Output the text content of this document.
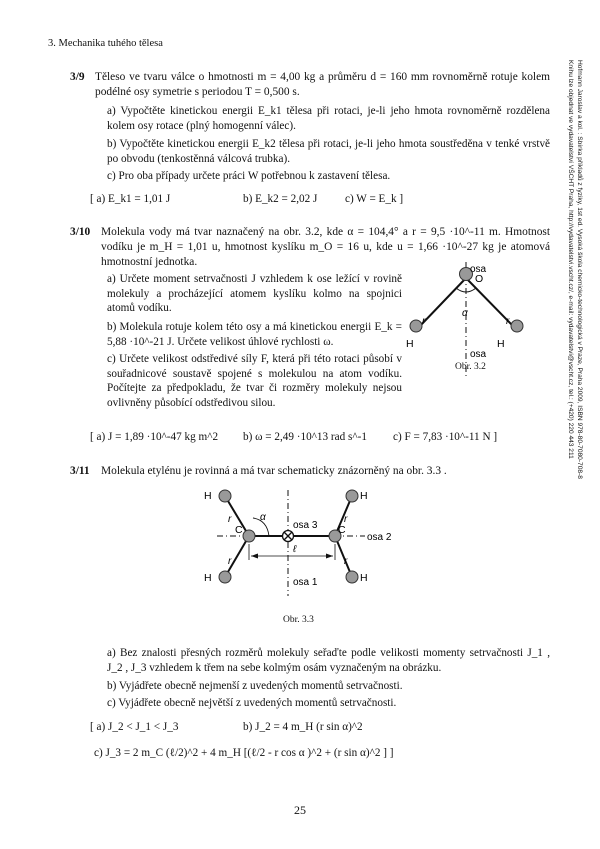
3. Mechanika tuhého tělesa
Hofmann Jaroslav a kol. : Sbírka příkladů z fyziky, 1st ed. Vysoká škola chemicko-technologická v Praze, Praha 2009, ISBN 978-80-7080-708-8
Knihu lze objednat ve vydavatelství VŠCHT Praha, http://vydavatelstvi.vscht.cz/, e-mail: vydavatelstvi@vscht.cz, tel.: (+420) 220 443 211
3/9 Těleso ve tvaru válce o hmotnosti m = 4,00 kg a průměru d = 160 mm rovnoměrně rotuje kolem podélné osy symetrie s periodou T = 0,500 s.
a) Vypočtěte kinetickou energii E_k1 tělesa při rotaci, je-li jeho hmota rovnoměrně rozdělena kolem osy rotace (plný homogenní válec).
b) Vypočtěte kinetickou energii E_k2 tělesa při rotaci, je-li jeho hmota soustředěna v tenké vrstvě po obvodu (tenkostěnná válcová trubka).
c) Pro oba případy určete práci W potřebnou k zastavení tělesa.
[ a) E_k1 = 1,01 J	b) E_k2 = 2,02 J c) W = E_k ]
3/10 Molekula vody má tvar naznačený na obr. 3.2, kde α = 104,4° a r = 9,5 ·10^-11 m. Hmotnost vodíku je m_H = 1,01 u, hmotnost kyslíku m_O = 16 u, kde u = 1,66 ·10^-27 kg je atomová hmotnostní jednotka.
a) Určete moment setrvačnosti J vzhledem k ose ležící v rovině molekuly a procházející atomem kyslíku kolmo na spojnici atomů vodíku.
b) Molekula rotuje kolem této osy a má kinetickou energii E_k = 5,88 ·10^-21 J. Určete velikost úhlové rychlosti ω.
c) Určete velikost odstředivé síly F, která při této rotaci působí v souřadnicové soustavě spojené s molekulou na atom vodíku. Počítejte za předpokladu, že tvar či rozměry molekuly nejsou ovlivněny působící odstředivou silou.
osa
O
r	r
α
H	H
osa
Obr. 3.2
[ a) J = 1,89 ·10^-47 kg m^2 b) ω = 2,49 ·10^13 rad s^-1 c) F = 7,83 ·10^-11 N ]
3/11 Molekula etylénu je rovinná a má tvar schematicky znázorněný na obr. 3.3 .
H
H
H
H
C	C
r
r
r
r
α
ℓ
osa 3
osa 2
osa 1
Obr. 3.3
a) Bez znalosti přesných rozměrů molekuly seřaďte podle velikosti momenty setrvačnosti J_1 , J_2 , J_3 vzhledem k třem na sebe kolmým osám vyznačeným na obrázku.
b) Vyjádřete obecně nejmenší z uvedených momentů setrvačnosti.
c) Vyjádřete obecně největší z uvedených momentů setrvačnosti.
[ a) J_2 < J_1 < J_3	b) J_2 = 4 m_H (r sin α)^2
c) J_3 = 2 m_C (ℓ/2)^2 + 4 m_H [(ℓ/2 - r cos α )^2 + (r sin α)^2 ] ]
25
